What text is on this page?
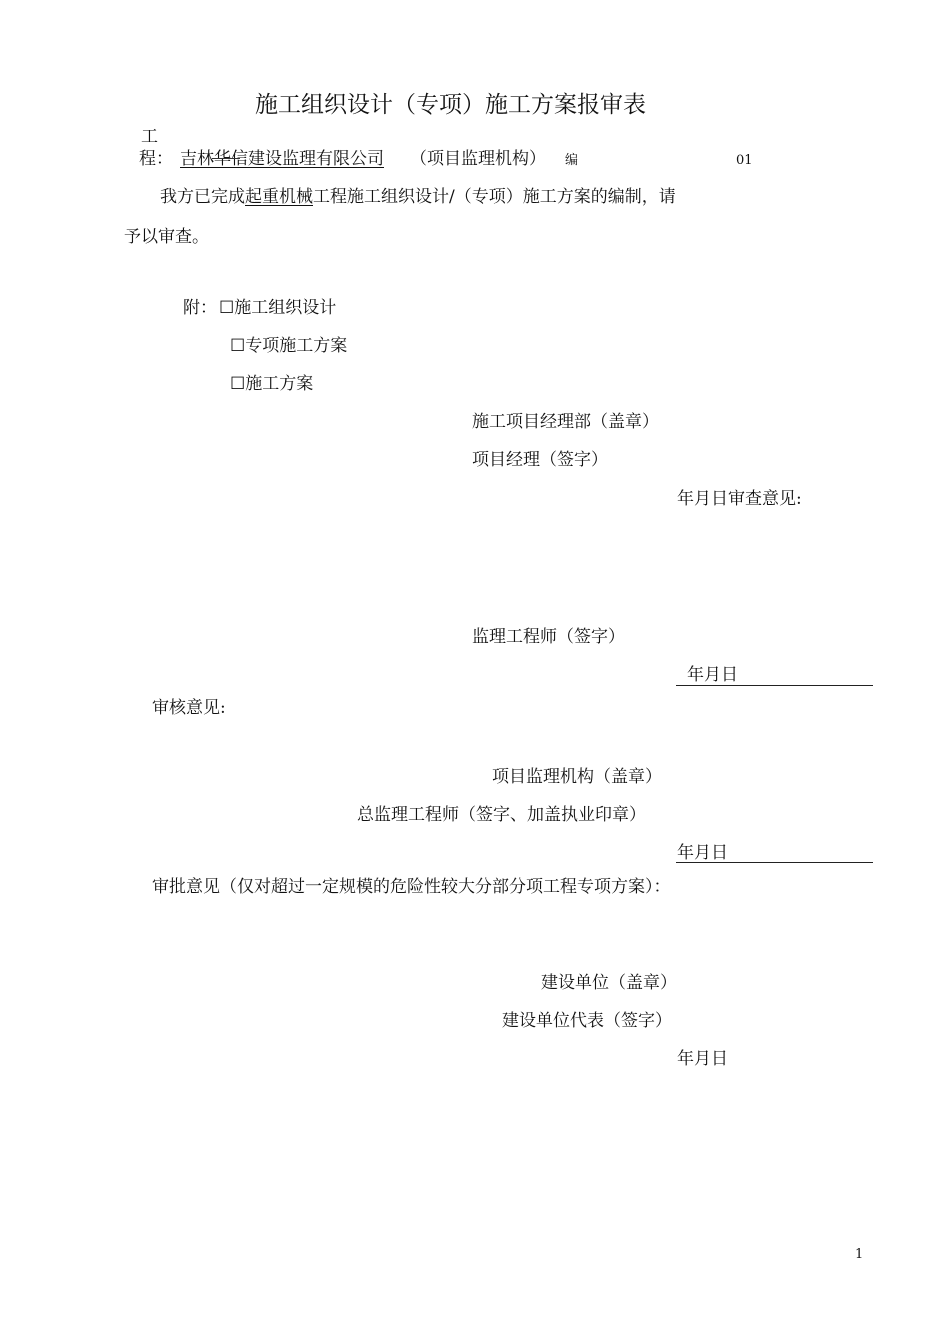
施工组织设计（专项）施工方案报审表
工
程： 吉林华信建设监理有限公司 （项目监理机构） 编	01
我方已完成起重机械工程施工组织设计/（专项）施工方案的编制，请
予以审查。
附： ☐施工组织设计
☐专项施工方案
☐施工方案
施工项目经理部（盖章）
项目经理（签字）
年月日审查意见:
监理工程师（签字）
年月日
审核意见:
项目监理机构（盖章）
总监理工程师（签字、加盖执业印章）
年月日
审批意见（仅对超过一定规模的危险性较大分部分项工程专项方案）：
建设单位（盖章）
建设单位代表（签字）
年月日
1
